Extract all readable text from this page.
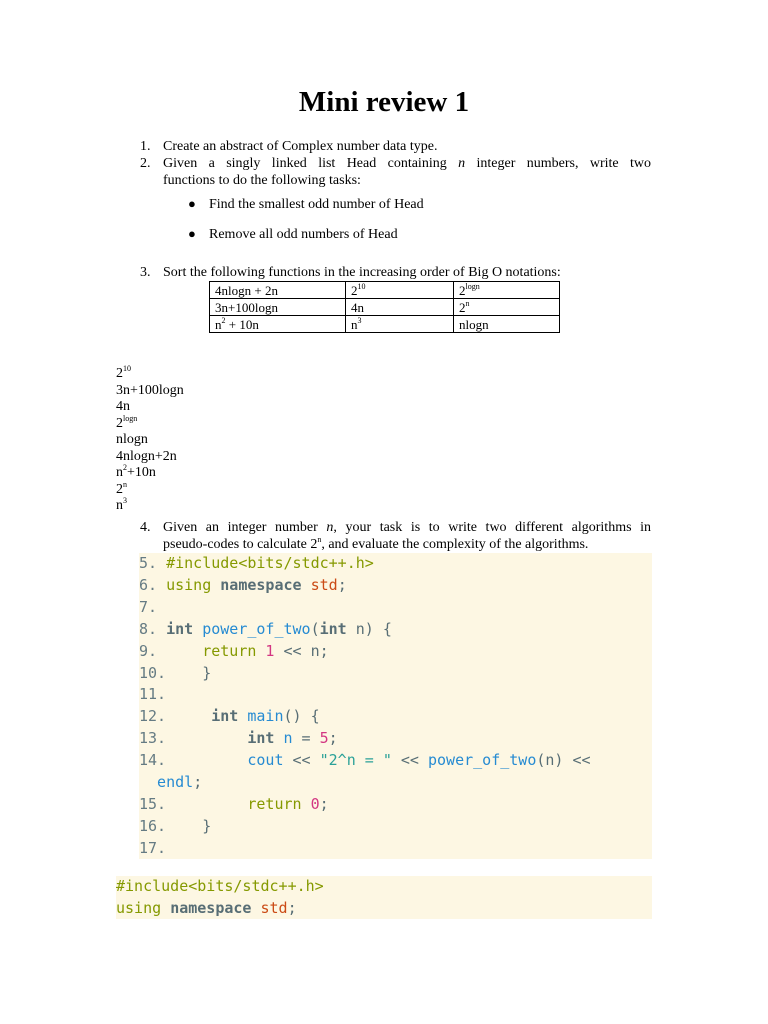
Mini review 1
1. Create an abstract of Complex number data type.
2. Given a singly linked list Head containing n integer numbers, write two
functions to do the following tasks:
● Find the smallest odd number of Head
● Remove all odd numbers of Head
3. Sort the following functions in the increasing order of Big O notations:
4nlogn + 2n	$2^{10}$	$2^{logn}$
3n+100logn	4n	2$^n$
$n^2 + 10n$	$n^3$	nlogn
$2^{10}$
3n+100logn
4n
$2^{logn}$
nlogn
4nlogn+2n
$n^2+10n$
2$^n$
$n^3$
4. Given an integer number n, your task is to write two different algorithms in
pseudo-codes to calculate 2$^n$, and evaluate the complexity of the algorithms.
5. #include<bits/stdc++.h>
6. using namespace std;
7.
8. int power_of_two(int n) {
9.     return 1 << n;
10.    }
11.
12.     int main() {
13.         int n = 5;
14.         cout << "2^n = " << power_of_two(n) <<
endl;
15.         return 0;
16.    }
17.
#include<bits/stdc++.h>
using namespace std;
